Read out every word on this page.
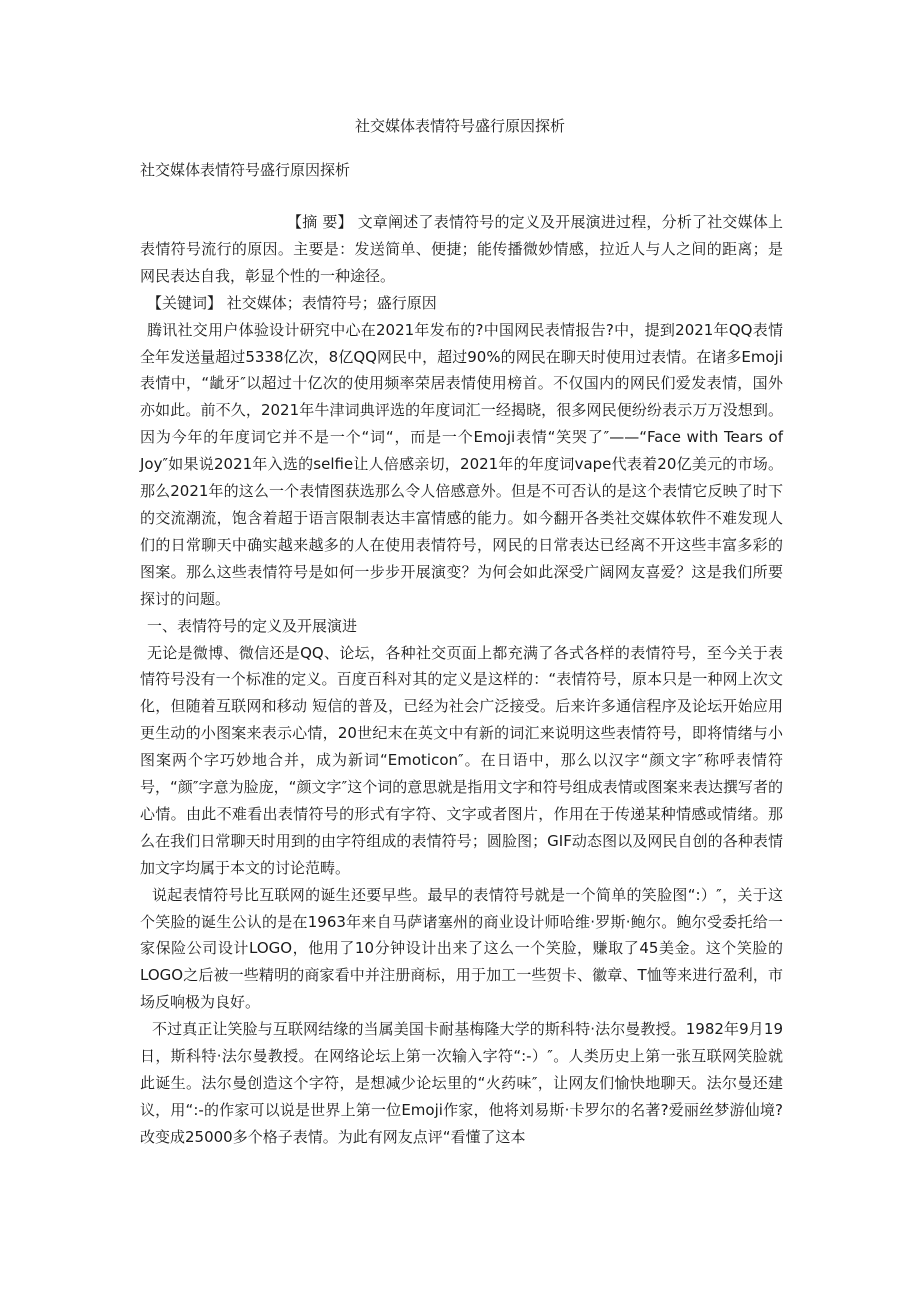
社交媒体表情符号盛行原因探析

社交媒体表情符号盛行原因探析

【摘 要】 文章阐述了表情符号的定义及开展演进过程，分析了社交媒体上表情符号流行的原因。主要是：发送简单、便捷；能传播微妙情感，拉近人与人之间的距离；是网民表达自我，彰显个性的一种途径。

【关键词】 社交媒体；表情符号；盛行原因

腾讯社交用户体验设计研究中心在2021年发布的?中国网民表情报告?中，提到2021年QQ表情全年发送量超过5338亿次，8亿QQ网民中，超过90%的网民在聊天时使用过表情。在诸多Emoji表情中，“龇牙″以超过十亿次的使用频率荣居表情使用榜首。不仅国内的网民们爱发表情，国外亦如此。前不久，2021年牛津词典评选的年度词汇一经揭晓，很多网民便纷纷表示万万没想到。因为今年的年度词它并不是一个“词“，而是一个Emoji表情“笑哭了″——“Face with Tears of Joy″如果说2021年入选的selfie让人倍感亲切，2021年的年度词vape代表着20亿美元的市场。那么2021年的这么一个表情图获选那么令人倍感意外。但是不可否认的是这个表情它反映了时下的交流潮流，饱含着超于语言限制表达丰富情感的能力。如今翻开各类社交媒体软件不难发现人们的日常聊天中确实越来越多的人在使用表情符号，网民的日常表达已经离不开这些丰富多彩的图案。那么这些表情符号是如何一步步开展演变？为何会如此深受广阔网友喜爱？这是我们所要探讨的问题。

一、表情符号的定义及开展演进

无论是微博、微信还是QQ、论坛，各种社交页面上都充满了各式各样的表情符号，至今关于表情符号没有一个标准的定义。百度百科对其的定义是这样的：“表情符号，原本只是一种网上次文化，但随着互联网和移动 短信的普及，已经为社会广泛接受。后来许多通信程序及论坛开始应用更生动的小图案来表示心情，20世纪末在英文中有新的词汇来说明这些表情符号，即将情绪与小图案两个字巧妙地合并，成为新词“Emoticon″。在日语中，那么以汉字“颜文字″称呼表情符号，“颜″字意为脸庞，“颜文字″这个词的意思就是指用文字和符号组成表情或图案来表达撰写者的心情。由此不难看出表情符号的形式有字符、文字或者图片，作用在于传递某种情感或情绪。那么在我们日常聊天时用到的由字符组成的表情符号；圆脸图；GIF动态图以及网民自创的各种表情加文字均属于本文的讨论范畴。

说起表情符号比互联网的诞生还要早些。最早的表情符号就是一个简单的笑脸图“:）″，关于这个笑脸的诞生公认的是在1963年来自马萨诸塞州的商业设计师哈维·罗斯·鲍尔。鲍尔受委托给一家保险公司设计LOGO，他用了10分钟设计出来了这么一个笑脸，赚取了45美金。这个笑脸的LOGO之后被一些精明的商家看中并注册商标，用于加工一些贺卡、徽章、T恤等来进行盈利，市场反响极为良好。

不过真正让笑脸与互联网结缘的当属美国卡耐基梅隆大学的斯科特·法尔曼教授。1982年9月19日，斯科特·法尔曼教授。在网络论坛上第一次输入字符“:-）″。人类历史上第一张互联网笑脸就此诞生。法尔曼创造这个字符，是想减少论坛里的“火药味″，让网友们愉快地聊天。法尔曼还建议，用“:-的作家可以说是世界上第一位Emoji作家，他将刘易斯·卡罗尔的名著?爱丽丝梦游仙境?改变成25000多个格子表情。为此有网友点评“看懂了这本
